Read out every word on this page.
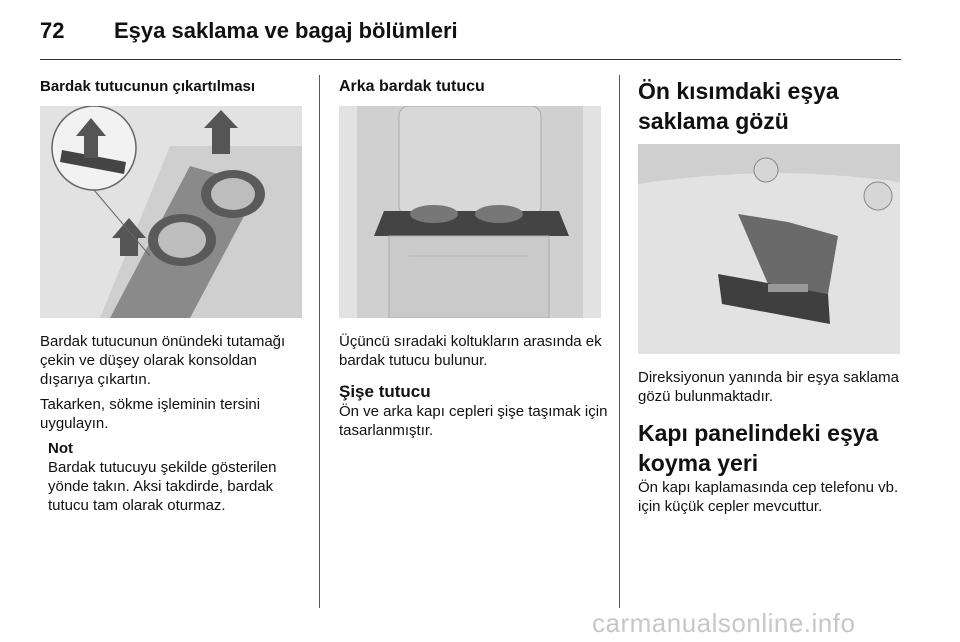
72 Eşya saklama ve bagaj bölümleri
Bardak tutucunun çıkartılması
Bardak tutucunun önündeki tutamağı çekin ve düşey olarak konsoldan dışarıya çıkartın.
Takarken, sökme işleminin tersini uygulayın.
Not
Bardak tutucuyu şekilde gösterilen yönde takın. Aksi takdirde, bardak tutucu tam olarak oturmaz.
Arka bardak tutucu
Üçüncü sıradaki koltukların arasında ek bardak tutucu bulunur.
Şişe tutucu
Ön ve arka kapı cepleri şişe taşımak için tasarlanmıştır.
Ön kısımdaki eşya saklama gözü
Direksiyonun yanında bir eşya saklama gözü bulunmaktadır.
Kapı panelindeki eşya koyma yeri
Ön kapı kaplamasında cep telefonu vb. için küçük cepler mevcuttur.
carmanualsonline.info
